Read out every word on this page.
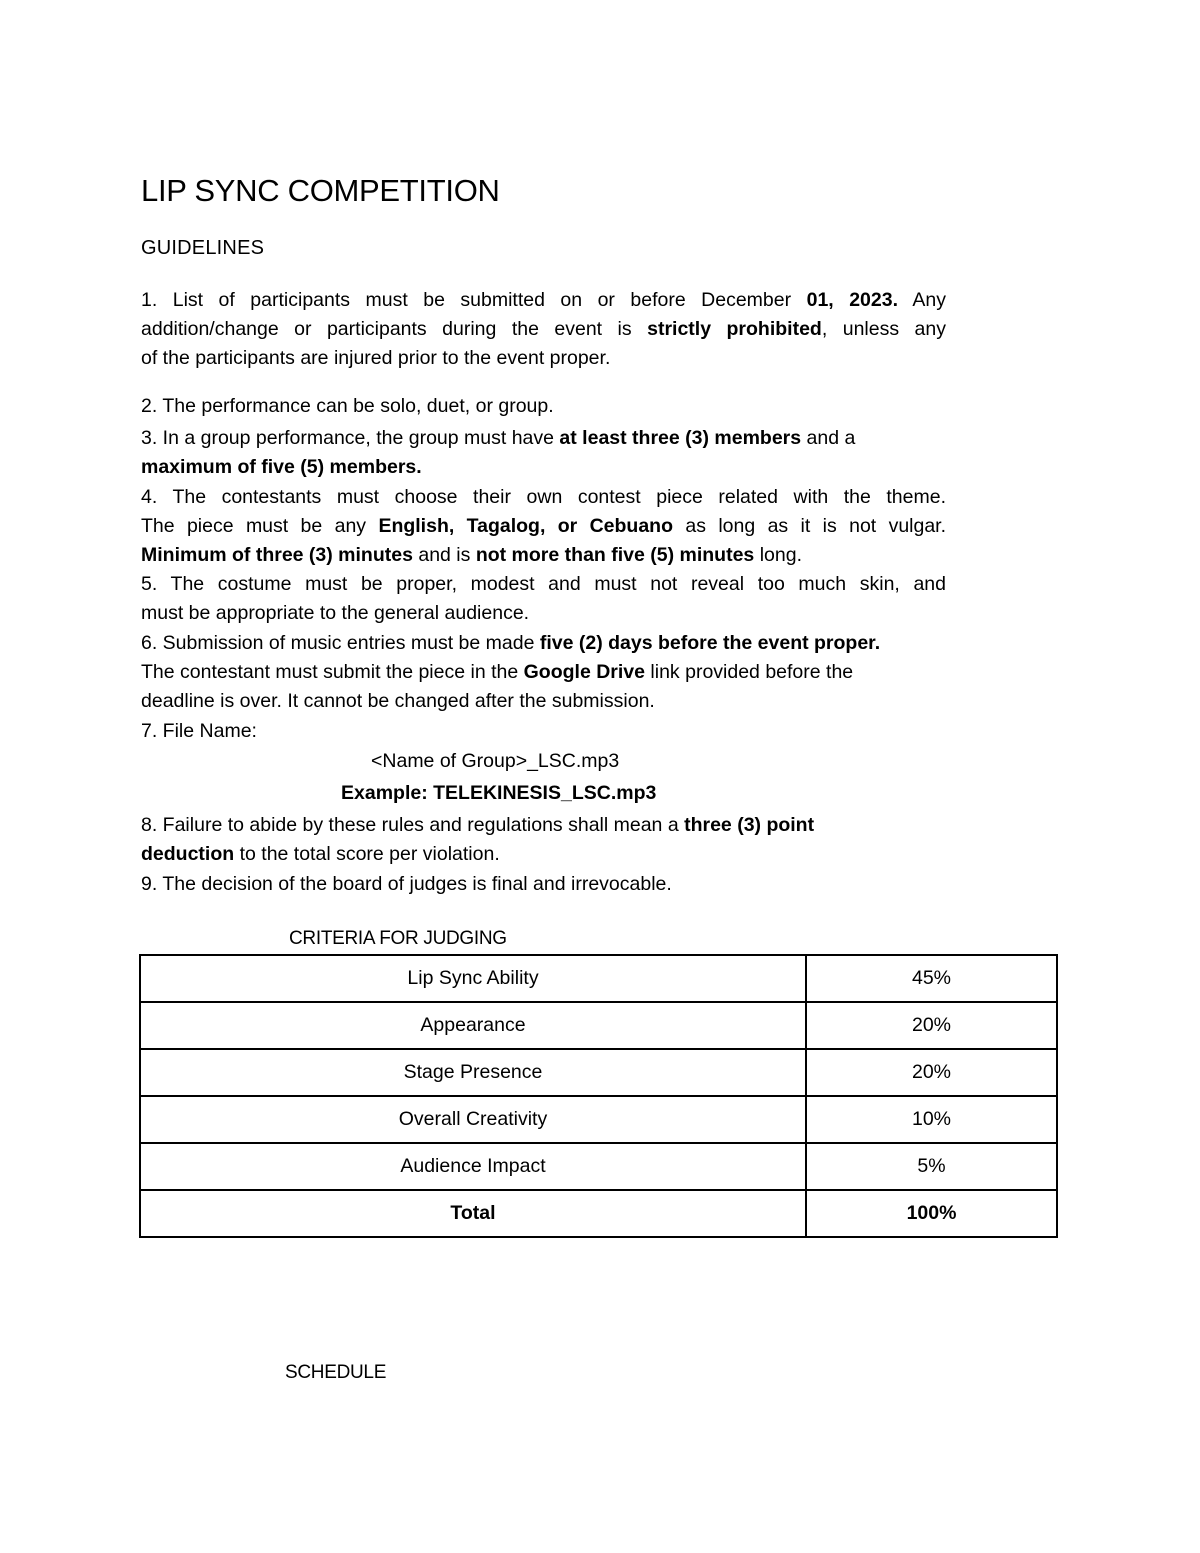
LIP SYNC COMPETITION
GUIDELINES
1. List of participants must be submitted on or before December 01, 2023. Any
addition/change or participants during the event is strictly prohibited, unless any
of the participants are injured prior to the event proper.
2. The performance can be solo, duet, or group.
3. In a group performance, the group must have at least three (3) members and a
maximum of five (5) members.
4. The contestants must choose their own contest piece related with the theme.
The piece must be any English, Tagalog, or Cebuano as long as it is not vulgar.
Minimum of three (3) minutes and is not more than five (5) minutes long.
5. The costume must be proper, modest and must not reveal too much skin, and
must be appropriate to the general audience.
6. Submission of music entries must be made five (2) days before the event proper.
The contestant must submit the piece in the Google Drive link provided before the
deadline is over. It cannot be changed after the submission.
7. File Name:
<Name of Group>_LSC.mp3
Example: TELEKINESIS_LSC.mp3
8. Failure to abide by these rules and regulations shall mean a three (3) point
deduction to the total score per violation.
9. The decision of the board of judges is final and irrevocable.
CRITERIA FOR JUDGING
Lip Sync Ability	45%
Appearance	20%
Stage Presence	20%
Overall Creativity	10%
Audience Impact	5%
Total	100%
SCHEDULE
